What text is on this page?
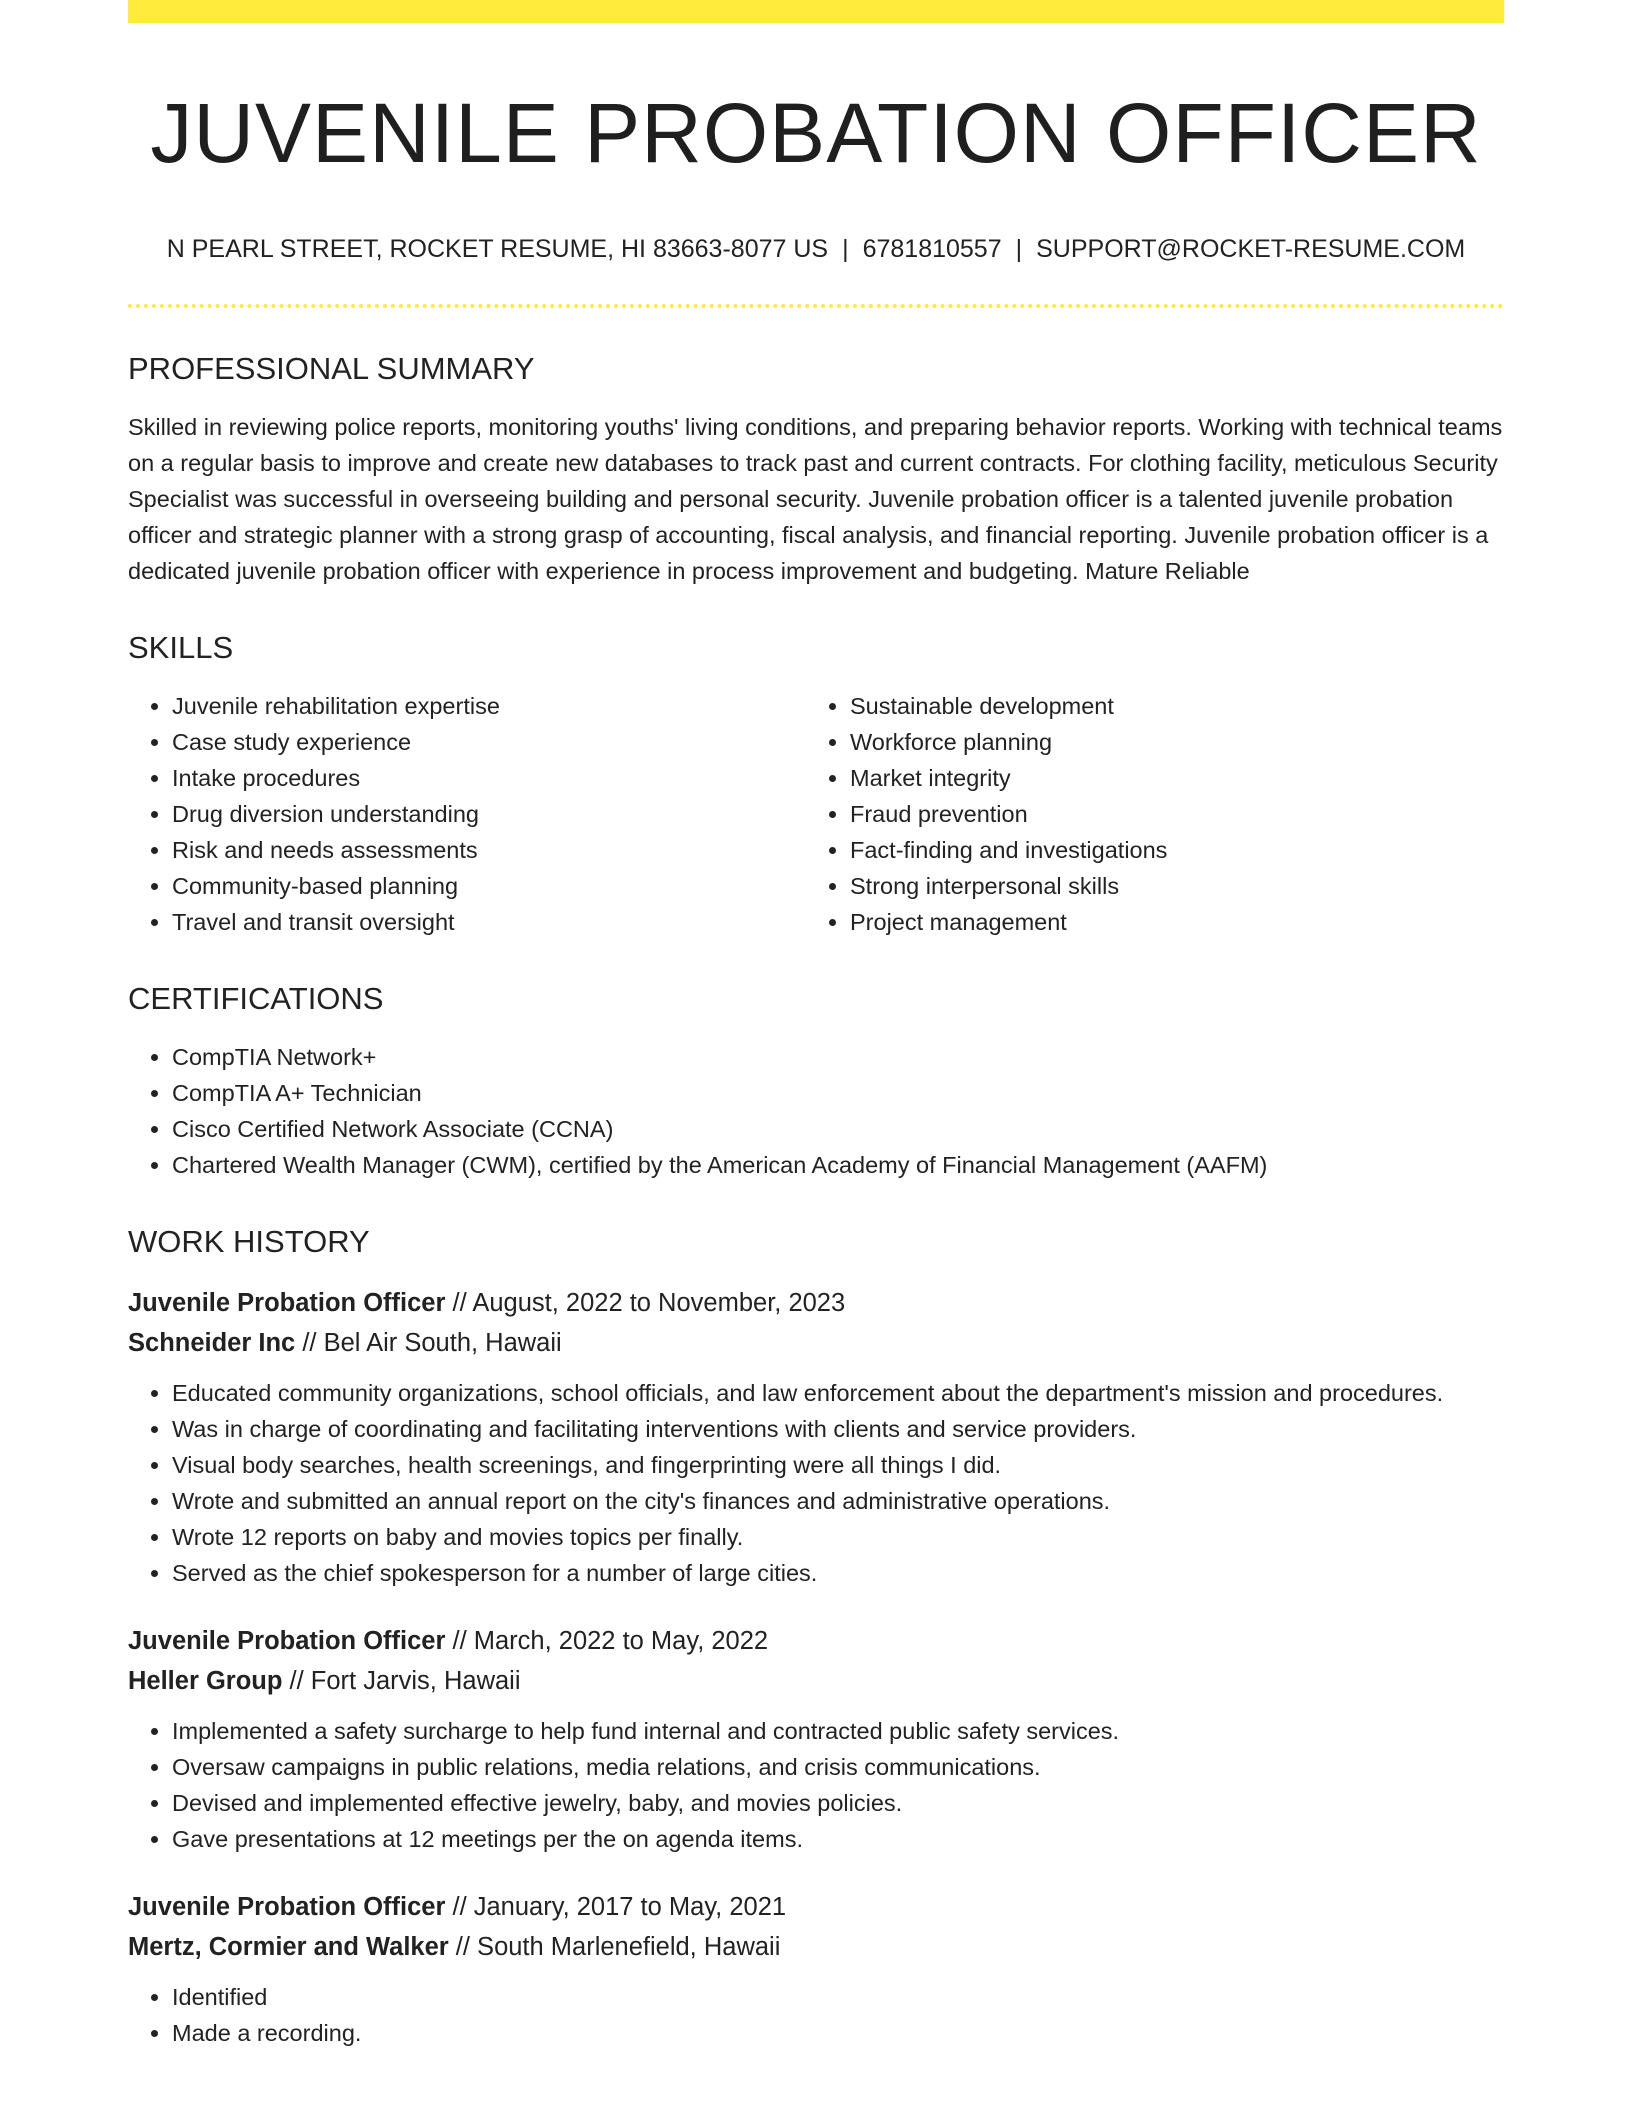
JUVENILE PROBATION OFFICER
N PEARL STREET, ROCKET RESUME, HI 83663-8077 US | 6781810557 | SUPPORT@ROCKET-RESUME.COM
PROFESSIONAL SUMMARY
Skilled in reviewing police reports, monitoring youths' living conditions, and preparing behavior reports. Working with technical teams on a regular basis to improve and create new databases to track past and current contracts. For clothing facility, meticulous Security Specialist was successful in overseeing building and personal security. Juvenile probation officer is a talented juvenile probation officer and strategic planner with a strong grasp of accounting, fiscal analysis, and financial reporting. Juvenile probation officer is a dedicated juvenile probation officer with experience in process improvement and budgeting. Mature Reliable
SKILLS
• Juvenile rehabilitation expertise
• Case study experience
• Intake procedures
• Drug diversion understanding
• Risk and needs assessments
• Community-based planning
• Travel and transit oversight
• Sustainable development
• Workforce planning
• Market integrity
• Fraud prevention
• Fact-finding and investigations
• Strong interpersonal skills
• Project management
CERTIFICATIONS
• CompTIA Network+
• CompTIA A+ Technician
• Cisco Certified Network Associate (CCNA)
• Chartered Wealth Manager (CWM), certified by the American Academy of Financial Management (AAFM)
WORK HISTORY
Juvenile Probation Officer // August, 2022 to November, 2023
Schneider Inc // Bel Air South, Hawaii
• Educated community organizations, school officials, and law enforcement about the department's mission and procedures.
• Was in charge of coordinating and facilitating interventions with clients and service providers.
• Visual body searches, health screenings, and fingerprinting were all things I did.
• Wrote and submitted an annual report on the city's finances and administrative operations.
• Wrote 12 reports on baby and movies topics per finally.
• Served as the chief spokesperson for a number of large cities.
Juvenile Probation Officer // March, 2022 to May, 2022
Heller Group // Fort Jarvis, Hawaii
• Implemented a safety surcharge to help fund internal and contracted public safety services.
• Oversaw campaigns in public relations, media relations, and crisis communications.
• Devised and implemented effective jewelry, baby, and movies policies.
• Gave presentations at 12 meetings per the on agenda items.
Juvenile Probation Officer // January, 2017 to May, 2021
Mertz, Cormier and Walker // South Marlenefield, Hawaii
• Identified
• Made a recording.
